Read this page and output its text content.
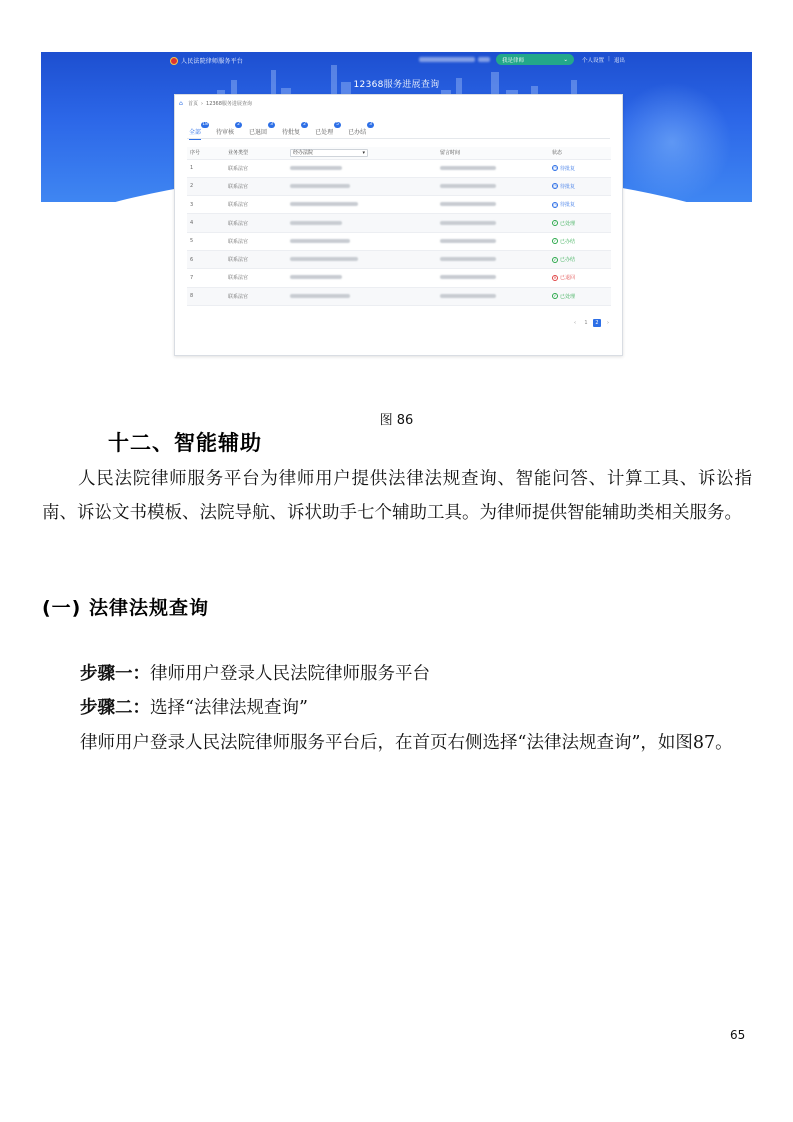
人民法院律师服务平台	我是律师	⌄	个人设置 | 退出
12368服务进展查询
⌂	首页 › 12368服务进展查询
全部
18
待审核
2
已退回
3
待批复
2
已处理
5
已办结
3
序号	业务类型	经办法院 ▾	留言时间	状态
1	联系法官			◷ 待批复

2	联系法官			◷ 待批复

3	联系法官			◷ 待批复

4	联系法官			✓ 已处理

5	联系法官			✓ 已办结

6	联系法官			✓ 已办结

7	联系法官			✕ 已退回

8	联系法官			✓ 已处理
‹	1	2	›
图 86
十二、智能辅助
人民法院律师服务平台为律师用户提供法律法规查询、智能问答、计算工具、诉讼指南、诉讼文书模板、法院导航、诉状助手七个辅助工具。为律师提供智能辅助类相关服务。
(一) 法律法规查询
步骤一：律师用户登录人民法院律师服务平台
步骤二：选择“法律法规查询”
律师用户登录人民法院律师服务平台后，在首页右侧选择“法律法规查询”，如图87。
65
